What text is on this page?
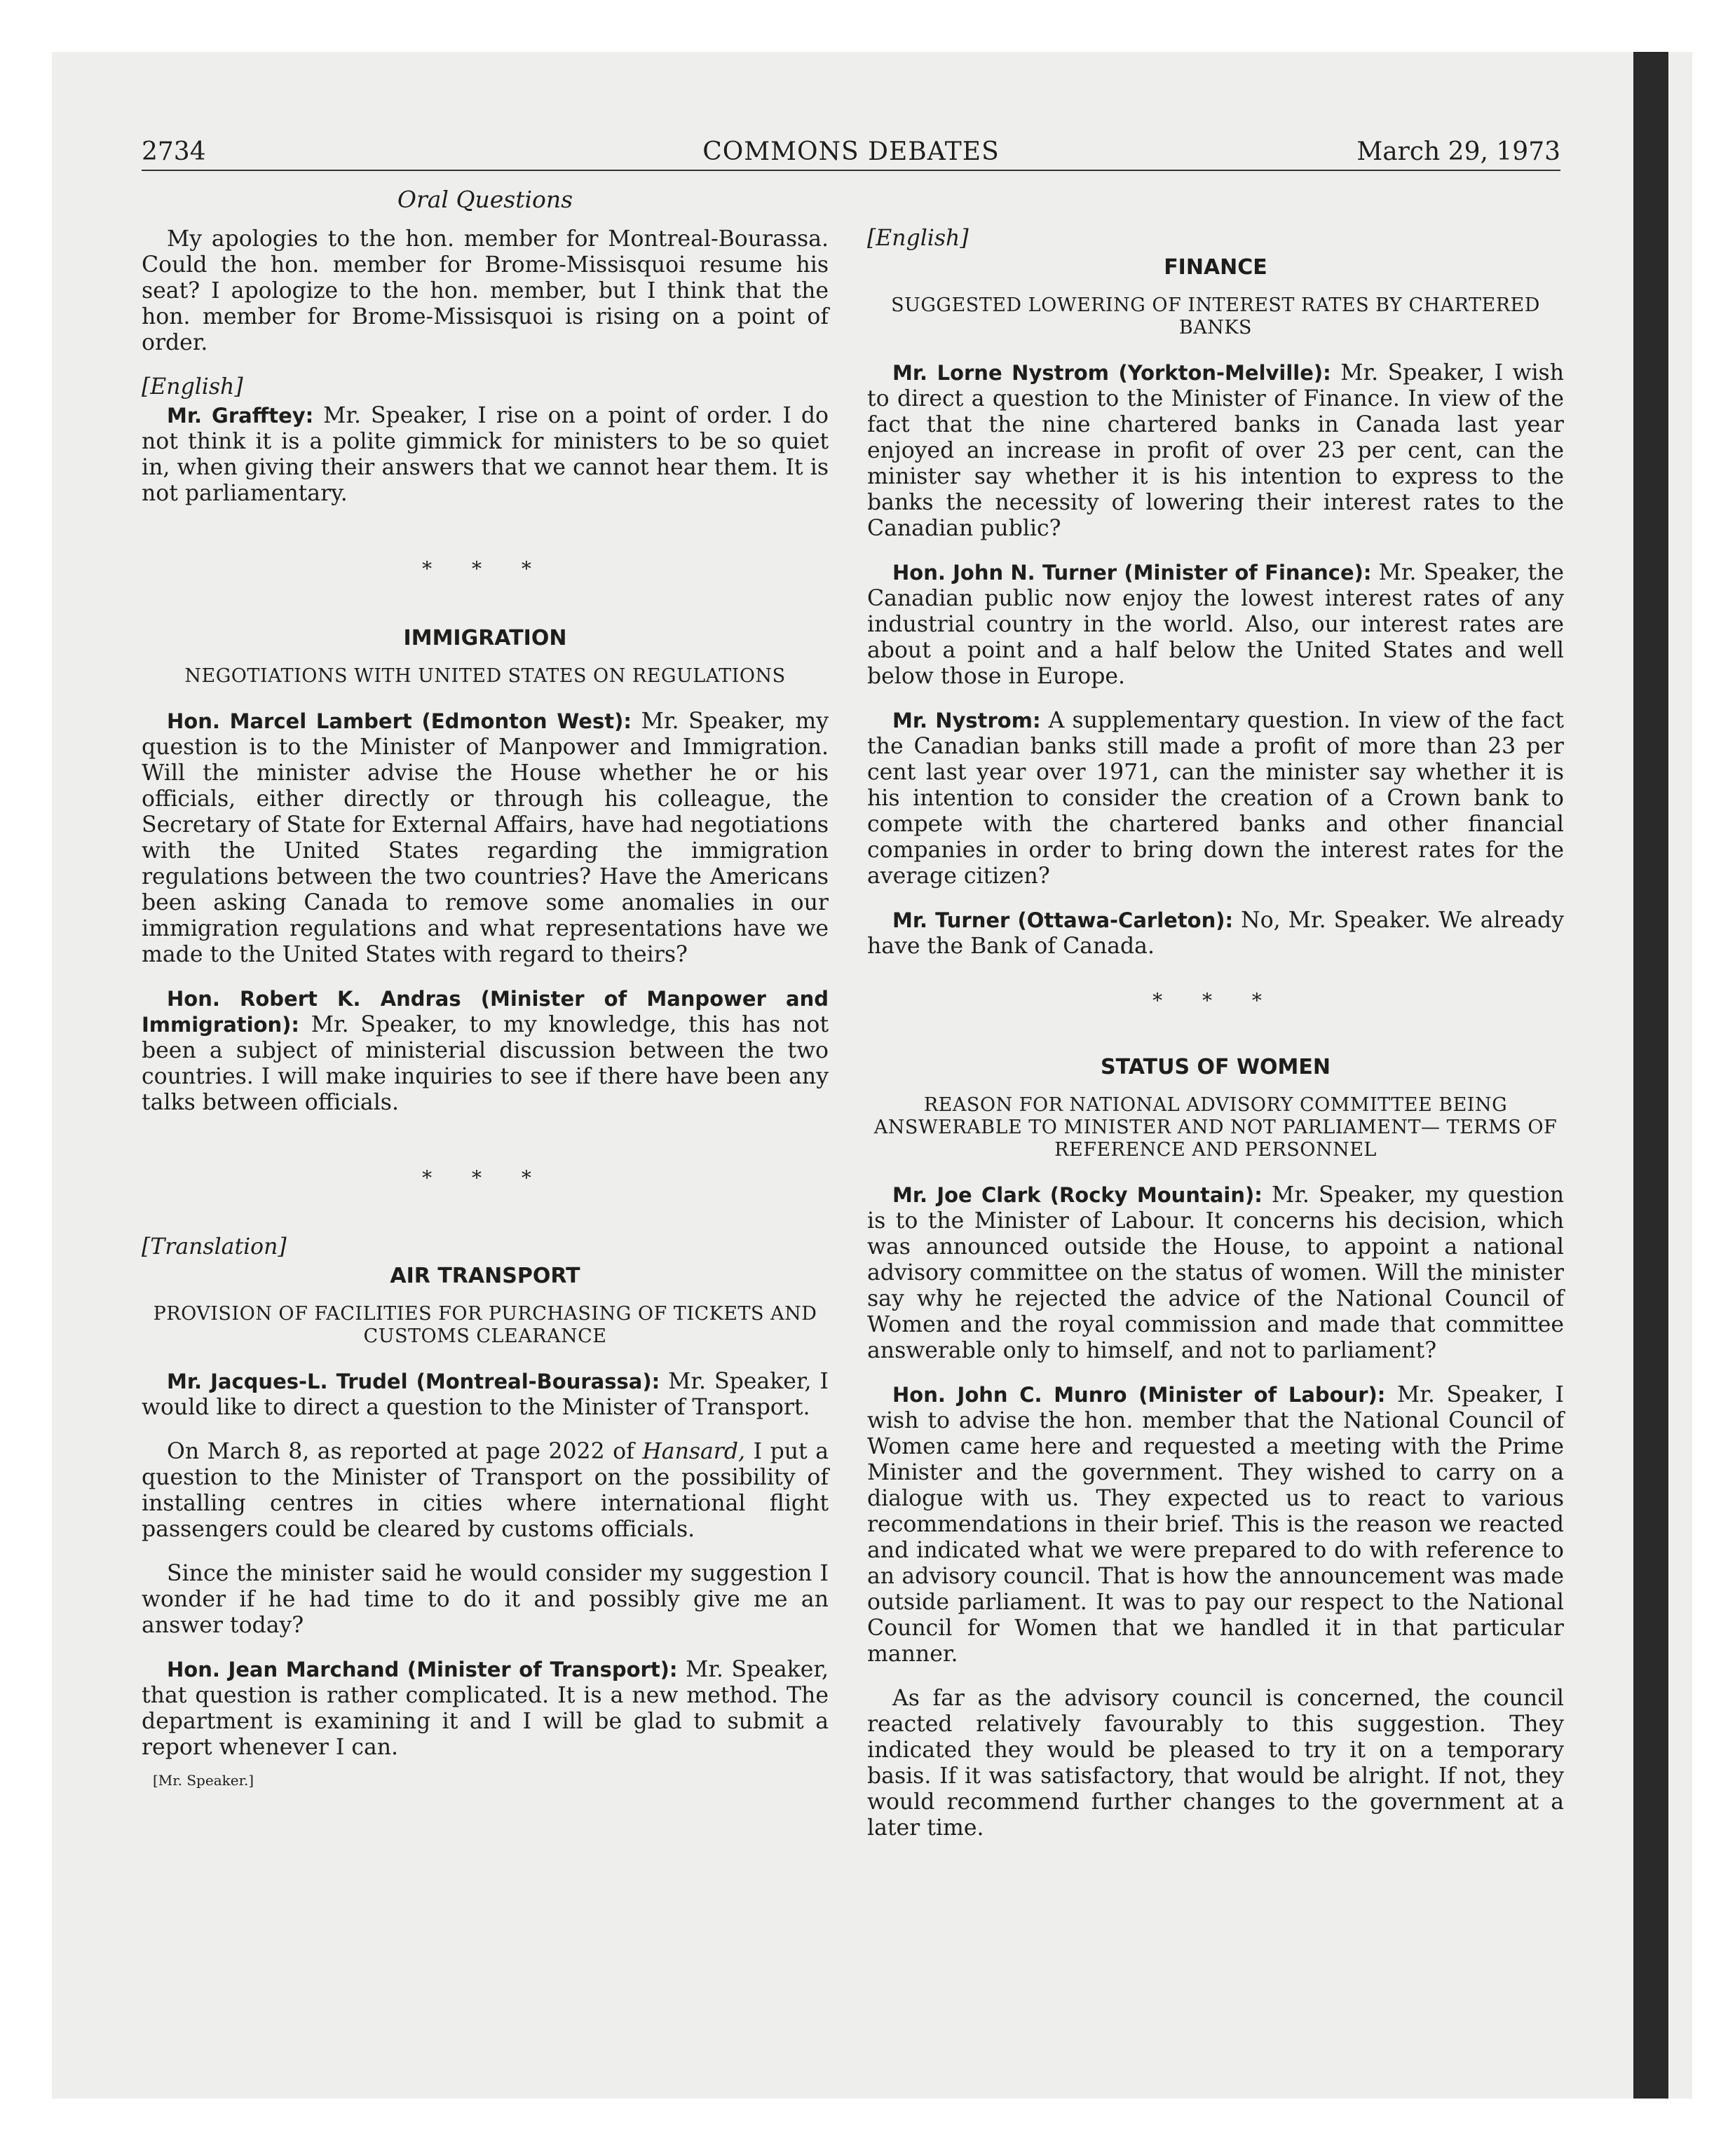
2734	COMMONS DEBATES	March 29, 1973
Oral Questions

My apologies to the hon. member for Montreal-Bourassa. Could the hon. member for Brome-Missisquoi resume his seat? I apologize to the hon. member, but I think that the hon. member for Brome-Missisquoi is rising on a point of order.

[English]

Mr. Grafftey: Mr. Speaker, I rise on a point of order. I do not think it is a polite gimmick for ministers to be so quiet in, when giving their answers that we cannot hear them. It is not parliamentary.

* * *
IMMIGRATION
NEGOTIATIONS WITH UNITED STATES ON REGULATIONS

Hon. Marcel Lambert (Edmonton West): Mr. Speaker, my question is to the Minister of Manpower and Immigration. Will the minister advise the House whether he or his officials, either directly or through his colleague, the Secretary of State for External Affairs, have had negotiations with the United States regarding the immigration regulations between the two countries? Have the Americans been asking Canada to remove some anomalies in our immigration regulations and what representations have we made to the United States with regard to theirs?

Hon. Robert K. Andras (Minister of Manpower and Immigration): Mr. Speaker, to my knowledge, this has not been a subject of ministerial discussion between the two countries. I will make inquiries to see if there have been any talks between officials.

* * *
[Translation]
AIR TRANSPORT
PROVISION OF FACILITIES FOR PURCHASING OF TICKETS AND CUSTOMS CLEARANCE

Mr. Jacques-L. Trudel (Montreal-Bourassa): Mr. Speaker, I would like to direct a question to the Minister of Transport.

On March 8, as reported at page 2022 of Hansard, I put a question to the Minister of Transport on the possibility of installing centres in cities where international flight passengers could be cleared by customs officials.

Since the minister said he would consider my suggestion I wonder if he had time to do it and possibly give me an answer today?

Hon. Jean Marchand (Minister of Transport): Mr. Speaker, that question is rather complicated. It is a new method. The department is examining it and I will be glad to submit a report whenever I can.

[Mr. Speaker.]
[English]
FINANCE
SUGGESTED LOWERING OF INTEREST RATES BY CHARTERED BANKS

Mr. Lorne Nystrom (Yorkton-Melville): Mr. Speaker, I wish to direct a question to the Minister of Finance. In view of the fact that the nine chartered banks in Canada last year enjoyed an increase in profit of over 23 per cent, can the minister say whether it is his intention to express to the banks the necessity of lowering their interest rates to the Canadian public?

Hon. John N. Turner (Minister of Finance): Mr. Speaker, the Canadian public now enjoy the lowest interest rates of any industrial country in the world. Also, our interest rates are about a point and a half below the United States and well below those in Europe.

Mr. Nystrom: A supplementary question. In view of the fact the Canadian banks still made a profit of more than 23 per cent last year over 1971, can the minister say whether it is his intention to consider the creation of a Crown bank to compete with the chartered banks and other financial companies in order to bring down the interest rates for the average citizen?

Mr. Turner (Ottawa-Carleton): No, Mr. Speaker. We already have the Bank of Canada.

* * *
STATUS OF WOMEN
REASON FOR NATIONAL ADVISORY COMMITTEE BEING ANSWERABLE TO MINISTER AND NOT PARLIAMENT— TERMS OF REFERENCE AND PERSONNEL

Mr. Joe Clark (Rocky Mountain): Mr. Speaker, my question is to the Minister of Labour. It concerns his decision, which was announced outside the House, to appoint a national advisory committee on the status of women. Will the minister say why he rejected the advice of the National Council of Women and the royal commission and made that committee answerable only to himself, and not to parliament?

Hon. John C. Munro (Minister of Labour): Mr. Speaker, I wish to advise the hon. member that the National Council of Women came here and requested a meeting with the Prime Minister and the government. They wished to carry on a dialogue with us. They expected us to react to various recommendations in their brief. This is the reason we reacted and indicated what we were prepared to do with reference to an advisory council. That is how the announcement was made outside parliament. It was to pay our respect to the National Council for Women that we handled it in that particular manner.

As far as the advisory council is concerned, the council reacted relatively favourably to this suggestion. They indicated they would be pleased to try it on a temporary basis. If it was satisfactory, that would be alright. If not, they would recommend further changes to the government at a later time.
